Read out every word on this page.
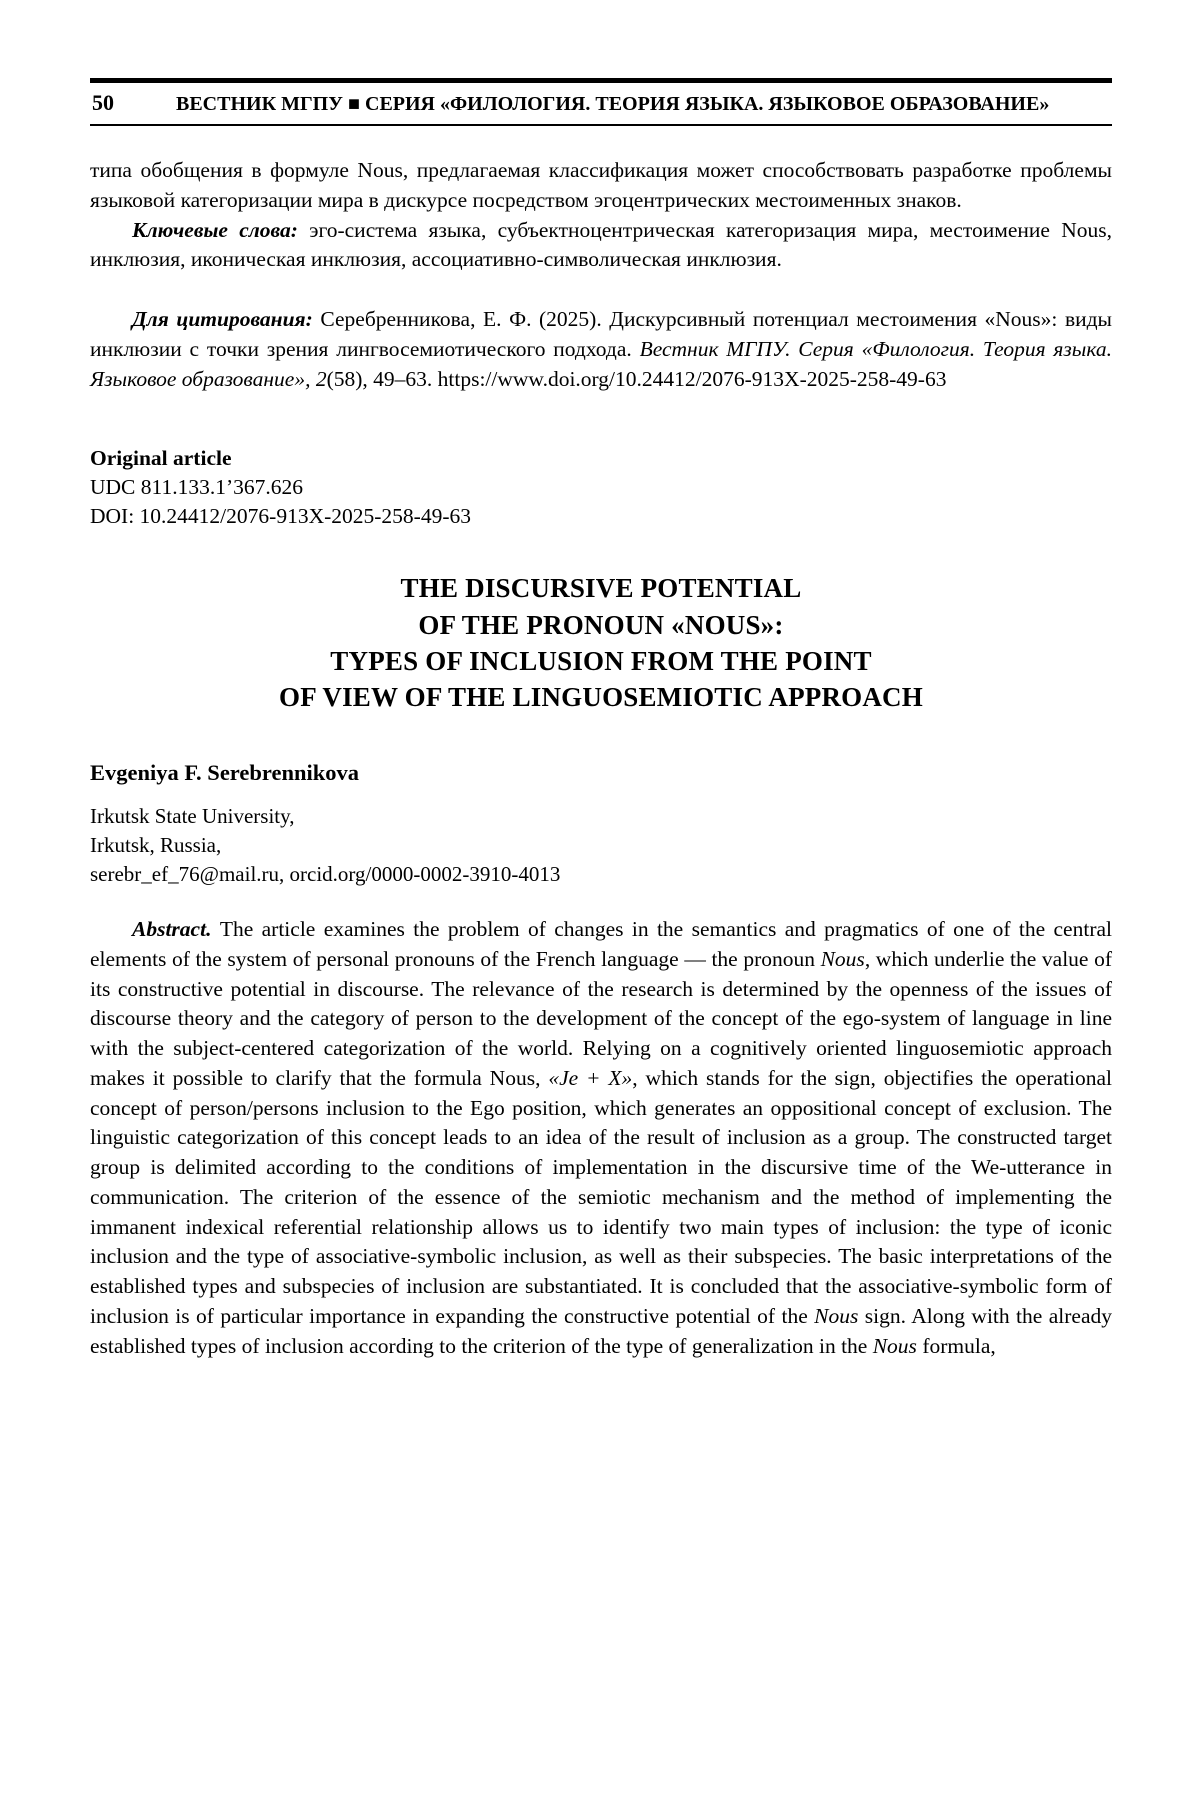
50	ВЕСТНИК МГПУ ■ СЕРИЯ «ФИЛОЛОГИЯ. ТЕОРИЯ ЯЗЫКА. ЯЗЫКОВОЕ ОБРАЗОВАНИЕ»

типа обобщения в формуле Nous, предлагаемая классификация может способствовать разработке проблемы языковой категоризации мира в дискурсе посредством эгоцентрических местоименных знаков.

Ключевые слова: эго-система языка, субъектноцентрическая категоризация мира, местоимение Nous, инклюзия, иконическая инклюзия, ассоциативно-символическая инклюзия.

Для цитирования: Серебренникова, Е. Ф. (2025). Дискурсивный потенциал местоимения «Nous»: виды инклюзии с точки зрения лингвосемиотического подхода. Вестник МГПУ. Серия «Филология. Теория языка. Языковое образование», 2(58), 49–63. https://www.doi.org/10.24412/2076-913X-2025-258-49-63

Original article
UDC 811.133.1’367.626
DOI: 10.24412/2076-913X-2025-258-49-63
THE DISCURSIVE POTENTIAL
OF THE PRONOUN «NOUS»:
TYPES OF INCLUSION FROM THE POINT
OF VIEW OF THE LINGUOSEMIOTIC APPROACH
Evgeniya F. Serebrennikova
Irkutsk State University,
Irkutsk, Russia,
serebr_ef_76@mail.ru, orcid.org/0000-0002-3910-4013

Abstract. The article examines the problem of changes in the semantics and pragmatics of one of the central elements of the system of personal pronouns of the French language — the pronoun Nous, which underlie the value of its constructive potential in discourse. The relevance of the research is determined by the openness of the issues of discourse theory and the category of person to the development of the concept of the ego-system of language in line with the subject-centered categorization of the world. Relying on a cognitively oriented linguosemiotic approach makes it possible to clarify that the formula Nous, «Je + X», which stands for the sign, objectifies the operational concept of person/persons inclusion to the Ego position, which generates an oppositional concept of exclusion. The linguistic categorization of this concept leads to an idea of the result of inclusion as a group. The constructed target group is delimited according to the conditions of implementation in the discursive time of the We-utterance in communication. The criterion of the essence of the semiotic mechanism and the method of implementing the immanent indexical referential relationship allows us to identify two main types of inclusion: the type of iconic inclusion and the type of associative-symbolic inclusion, as well as their subspecies. The basic interpretations of the established types and subspecies of inclusion are substantiated. It is concluded that the associative-symbolic form of inclusion is of particular importance in expanding the constructive potential of the Nous sign. Along with the already established types of inclusion according to the criterion of the type of generalization in the Nous formula,
